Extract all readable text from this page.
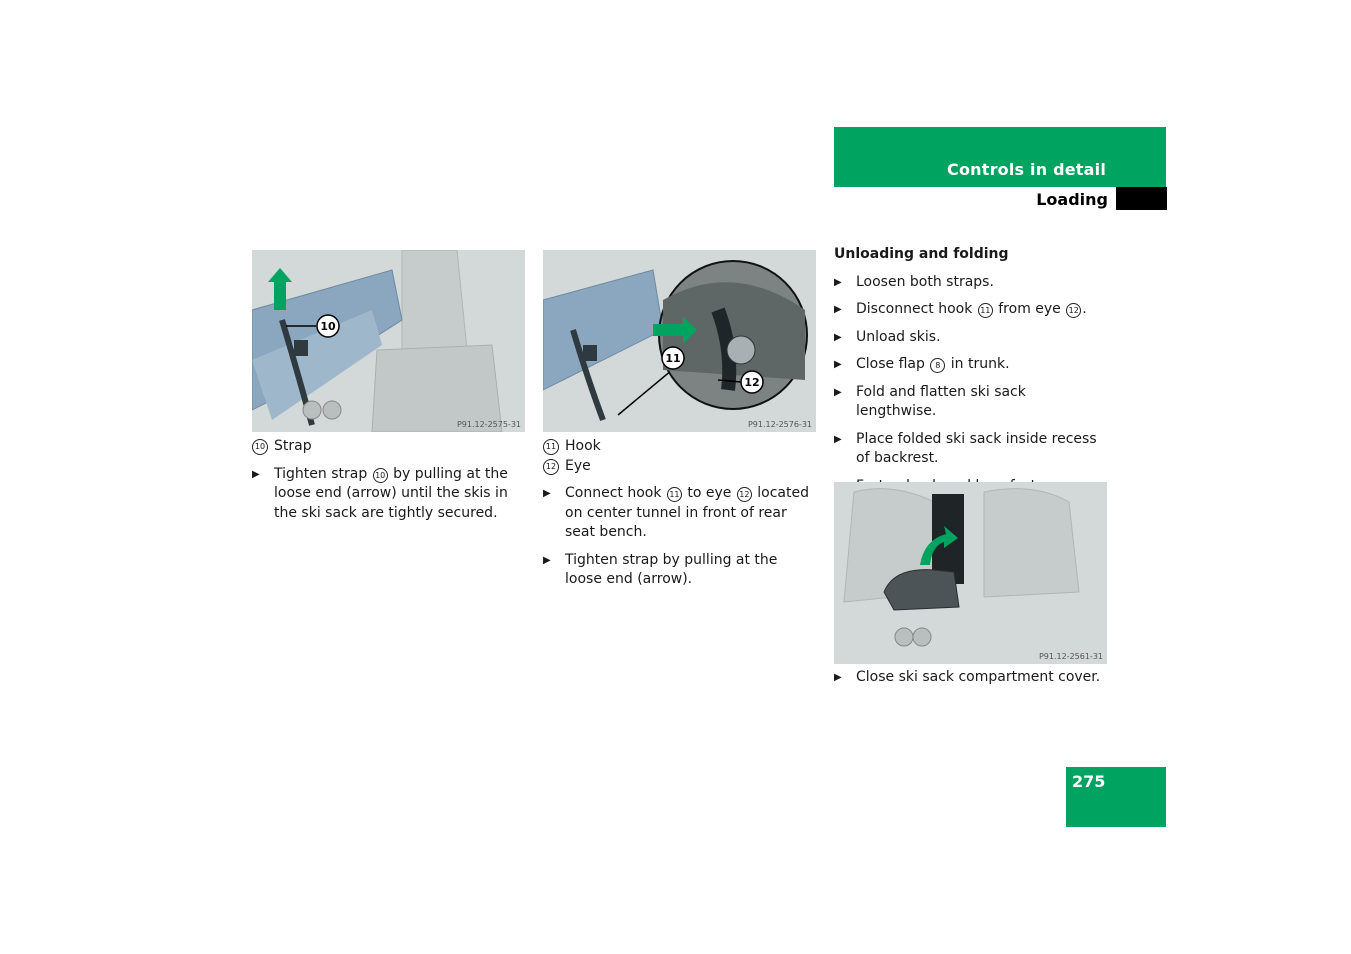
Controls in detail
Loading
10
P91.12-2575-31
10 Strap
▶ Tighten strap 10 by pulling at the loose end (arrow) until the skis in the ski sack are tightly secured.
11
12
P91.12-2576-31
11 Hook
12 Eye
▶ Connect hook 11 to eye 12 located on center tunnel in front of rear seat bench.
▶ Tighten strap by pulling at the loose end (arrow).
Unloading and folding
▶ Loosen both straps.
▶ Disconnect hook 11 from eye 12 .
▶ Unload skis.
▶ Close flap 8 in trunk.
▶ Fold and flatten ski sack lengthwise.
▶ Place folded ski sack inside recess of backrest.
P91.12-2561-31
▶ Close ski sack compartment cover.
275
